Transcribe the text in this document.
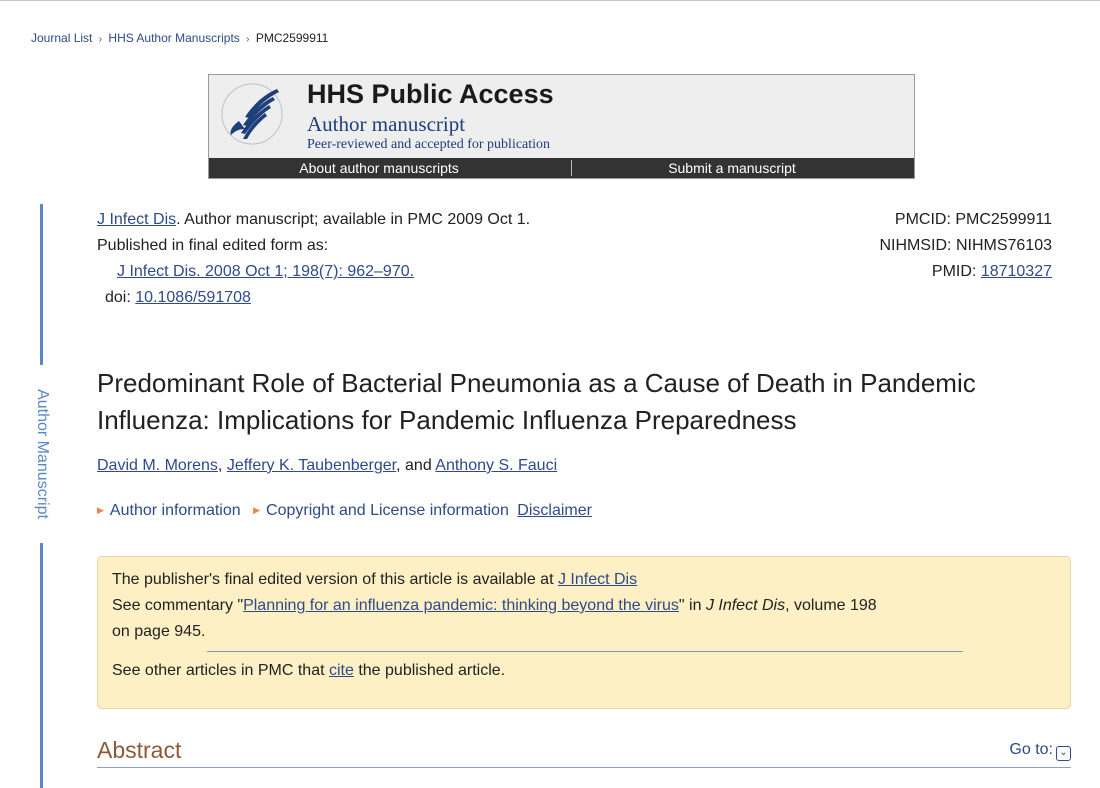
Journal List › HHS Author Manuscripts › PMC2599911
HHS Public Access
Author manuscript
Peer-reviewed and accepted for publication
About author manuscripts	Submit a manuscript
Author Manuscript
J Infect Dis. Author manuscript; available in PMC 2009 Oct 1.
Published in final edited form as:
J Infect Dis. 2008 Oct 1; 198(7): 962–970.
doi: 10.1086/591708
PMCID: PMC2599911
NIHMSID: NIHMS76103
PMID: 18710327
Predominant Role of Bacterial Pneumonia as a Cause of Death in Pandemic Influenza: Implications for Pandemic Influenza Preparedness
David M. Morens, Jeffery K. Taubenberger, and Anthony S. Fauci
▶ Author information ▶ Copyright and License information Disclaimer
The publisher's final edited version of this article is available at J Infect Dis
See commentary "Planning for an influenza pandemic: thinking beyond the virus" in J Infect Dis, volume 198
on page 945.
See other articles in PMC that cite the published article.
Abstract	Go to: ⌄
